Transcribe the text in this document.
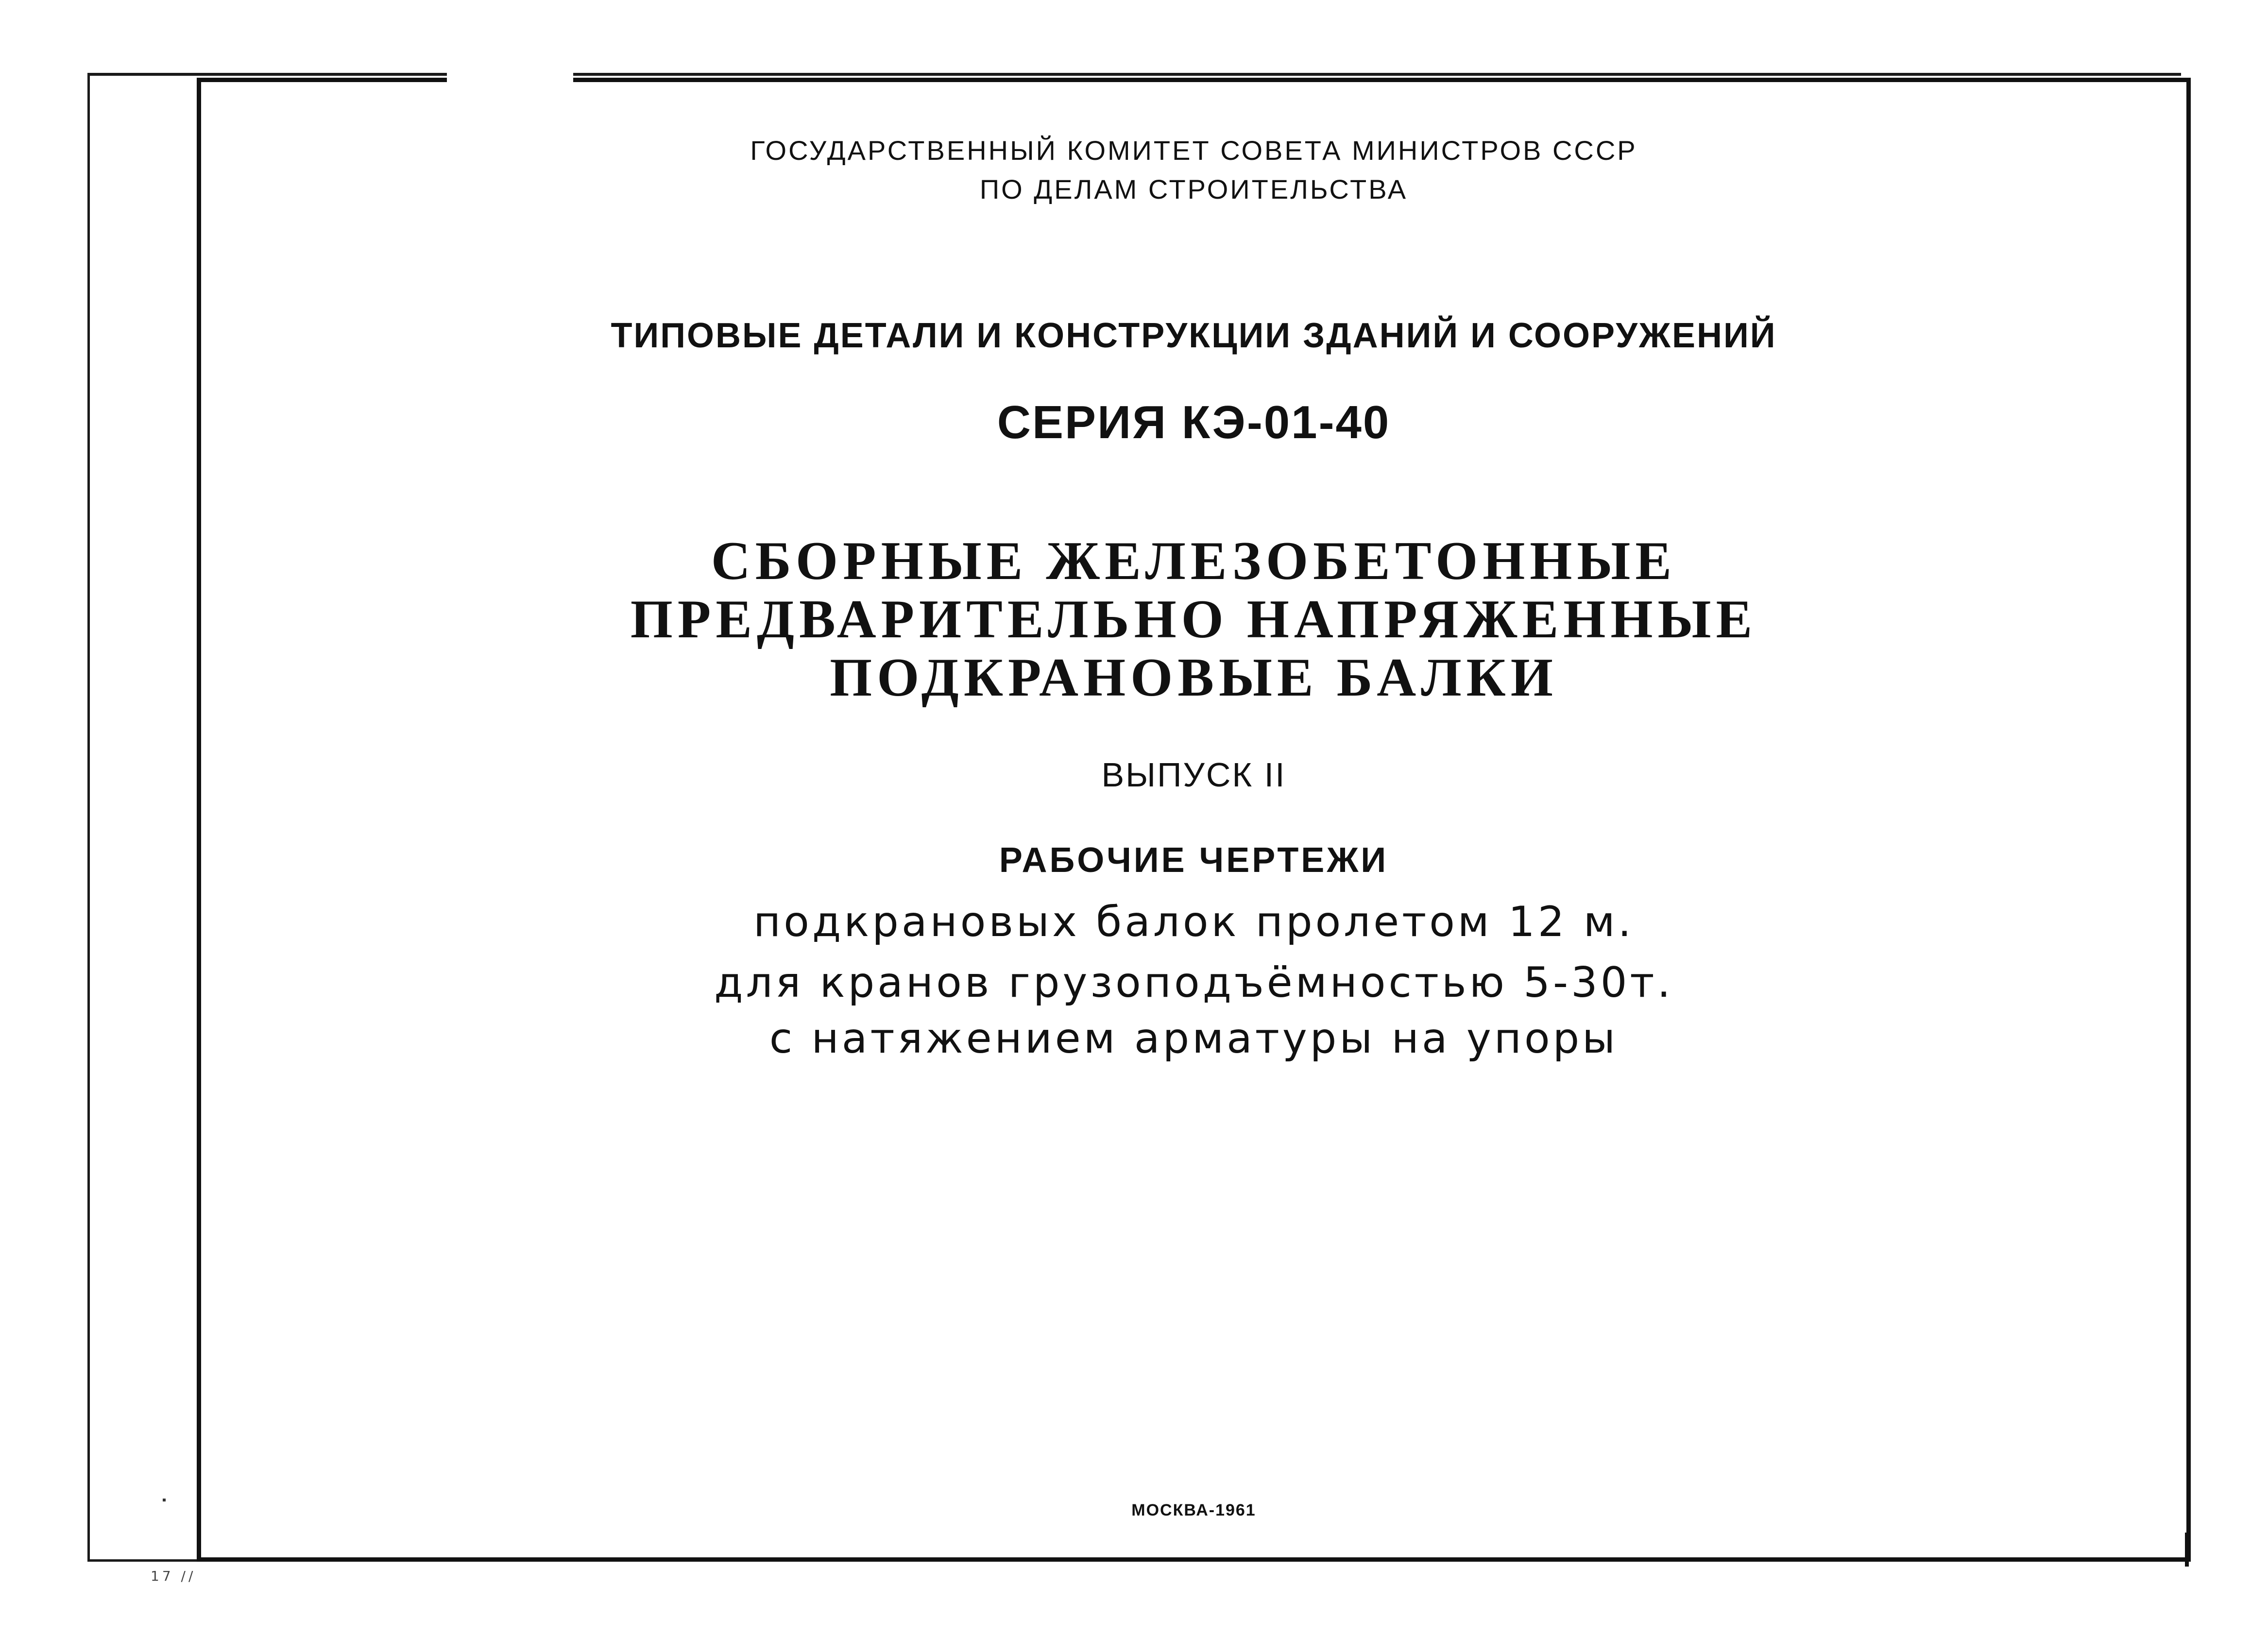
17 //
ГОСУДАРСТВЕННЫЙ КОМИТЕТ СОВЕТА МИНИСТРОВ СССР
ПО ДЕЛАМ СТРОИТЕЛЬСТВА
ТИПОВЫЕ ДЕТАЛИ И КОНСТРУКЦИИ ЗДАНИЙ И СООРУЖЕНИЙ
СЕРИЯ КЭ-01-40
СБОРНЫЕ ЖЕЛЕЗОБЕТОННЫЕ
ПРЕДВАРИТЕЛЬНО НАПРЯЖЕННЫЕ
ПОДКРАНОВЫЕ БАЛКИ
ВЫПУСК II
РАБОЧИЕ ЧЕРТЕЖИ
подкрановых балок пролетом 12 м.
для кранов грузоподъёмностью 5-30т.
с натяжением арматуры на упоры
МОСКВА-1961
